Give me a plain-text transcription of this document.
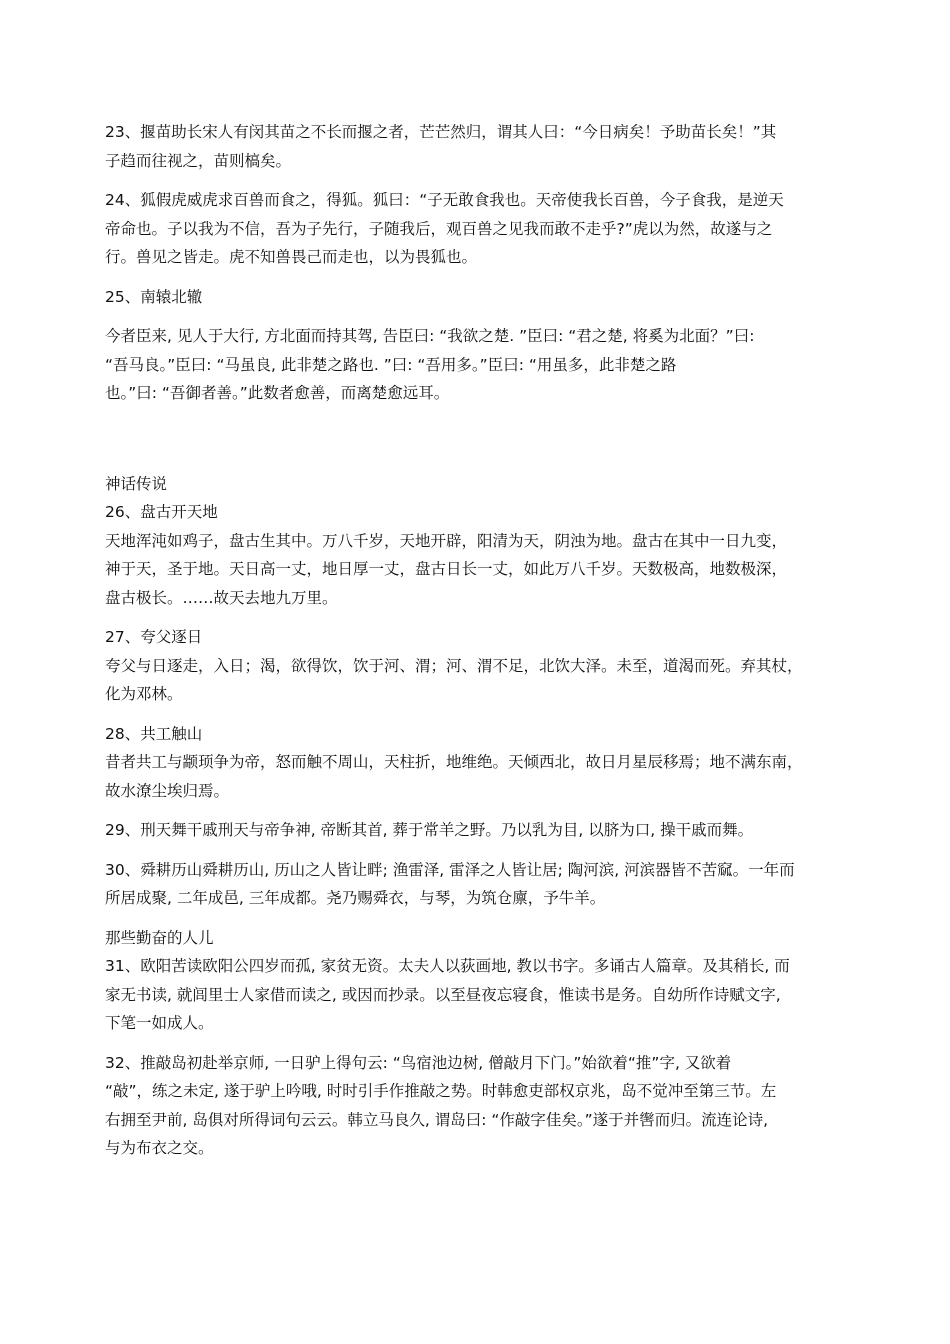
23、揠苗助长宋人有闵其苗之不长而揠之者，芒芒然归，谓其人曰：“今日病矣！予助苗长矣！”其
子趋而往视之，苗则槁矣。

24、狐假虎威虎求百兽而食之，得狐。狐曰：“子无敢食我也。天帝使我长百兽，今子食我，是逆天
帝命也。子以我为不信，吾为子先行，子随我后，观百兽之见我而敢不走乎?”虎以为然，故遂与之
行。兽见之皆走。虎不知兽畏己而走也，以为畏狐也。

25、南辕北辙

今者臣来, 见人于大行, 方北面而持其驾, 告臣曰: “我欲之楚. ”臣曰: “君之楚, 将奚为北面？”曰:
“吾马良。”臣曰: “马虽良, 此非楚之路也. ”曰: “吾用多。”臣曰: “用虽多，此非楚之路
也。”曰: “吾御者善。”此数者愈善，而离楚愈远耳。

神话传说

26、盘古开天地

天地浑沌如鸡子，盘古生其中。万八千岁，天地开辟，阳清为天，阴浊为地。盘古在其中一日九变，
神于天，圣于地。天日高一丈，地日厚一丈，盘古日长一丈，如此万八千岁。天数极高，地数极深，
盘古极长。……故天去地九万里。

27、夸父逐日

夸父与日逐走，入日；渴，欲得饮，饮于河、渭；河、渭不足，北饮大泽。未至，道渴而死。弃其杖，
化为邓林。

28、共工触山

昔者共工与颛顼争为帝，怒而触不周山，天柱折，地维绝。天倾西北，故日月星辰移焉；地不满东南，
故水潦尘埃归焉。

29、刑天舞干戚刑天与帝争神, 帝断其首, 葬于常羊之野。乃以乳为目, 以脐为口, 操干戚而舞。

30、舜耕历山舜耕历山, 历山之人皆让畔; 渔雷泽, 雷泽之人皆让居; 陶河滨, 河滨器皆不苦窳。一年而
所居成聚, 二年成邑, 三年成都。尧乃赐舜衣，与琴，为筑仓廪，予牛羊。

那些勤奋的人儿

31、欧阳苦读欧阳公四岁而孤, 家贫无资。太夫人以荻画地, 教以书字。多诵古人篇章。及其稍长, 而
家无书读, 就闾里士人家借而读之, 或因而抄录。以至昼夜忘寝食，惟读书是务。自幼所作诗赋文字,
下笔一如成人。

32、推敲岛初赴举京师, 一日驴上得句云: “鸟宿池边树, 僧敲月下门。”始欲着“推”字, 又欲着
“敲”，练之未定, 遂于驴上吟哦, 时时引手作推敲之势。时韩愈吏部权京兆，岛不觉冲至第三节。左
右拥至尹前, 岛俱对所得词句云云。韩立马良久, 谓岛曰: “作敲字佳矣。”遂于并辔而归。流连论诗,
与为布衣之交。
